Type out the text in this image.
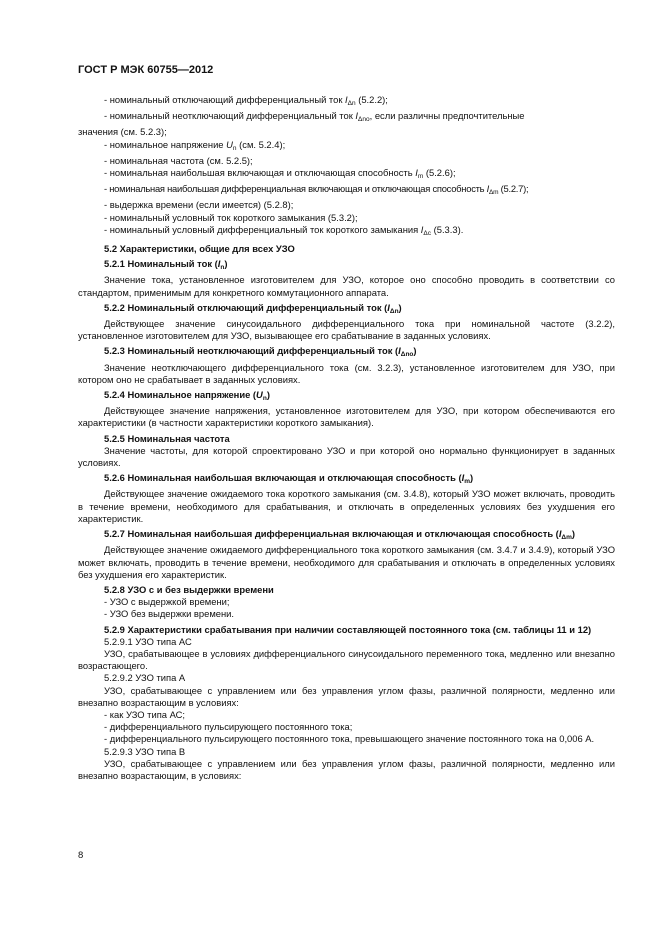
ГОСТ Р МЭК 60755—2012

- номинальный отключающий дифференциальный ток $I_{\Delta n}$ (5.2.2);

- номинальный неотключающий дифференциальный ток $I_{\Delta no}$, если различны предпочтительные

значения (см. 5.2.3);

- номинальное напряжение $U_n$ (см. 5.2.4);

- номинальная частота (см. 5.2.5);

- номинальная наибольшая включающая и отключающая способность $I_m$ (5.2.6);

- номинальная наибольшая дифференциальная включающая и отключающая способность $I_{\Delta m}$ (5.2.7);

- выдержка времени (если имеется) (5.2.8);

- номинальный условный ток короткого замыкания (5.3.2);

- номинальный условный дифференциальный ток короткого замыкания $I_{\Delta c}$ (5.3.3).

5.2 Характеристики, общие для всех УЗО

5.2.1 Номинальный ток $(I_n)$

Значение тока, установленное изготовителем для УЗО, которое оно способно проводить в соответствии со стандартом, применимым для конкретного коммутационного аппарата.

5.2.2 Номинальный отключающий дифференциальный ток $(I_{\Delta n})$

Действующее значение синусоидального дифференциального тока при номинальной частоте (3.2.2), установленное изготовителем для УЗО, вызывающее его срабатывание в заданных условиях.

5.2.3 Номинальный неотключающий дифференциальный ток $(I_{\Delta no})$

Значение неотключающего дифференциального тока (см. 3.2.3), установленное изготовителем для УЗО, при котором оно не срабатывает в заданных условиях.

5.2.4 Номинальное напряжение $(U_n)$

Действующее значение напряжения, установленное изготовителем для УЗО, при котором обеспечиваются его характеристики (в частности характеристики короткого замыкания).

5.2.5 Номинальная частота

Значение частоты, для которой спроектировано УЗО и при которой оно нормально функционирует в заданных условиях.

5.2.6 Номинальная наибольшая включающая и отключающая способность $(I_m)$

Действующее значение ожидаемого тока короткого замыкания (см. 3.4.8), который УЗО может включать, проводить в течение времени, необходимого для срабатывания, и отключать в определенных условиях без ухудшения его характеристик.

5.2.7 Номинальная наибольшая дифференциальная включающая и отключающая способность $(I_{\Delta m})$

Действующее значение ожидаемого дифференциального тока короткого замыкания (см. 3.4.7 и 3.4.9), который УЗО может включать, проводить в течение времени, необходимого для срабатывания и отключать в определенных условиях без ухудшения его характеристик.

5.2.8 УЗО с и без выдержки времени

- УЗО с выдержкой времени;

- УЗО без выдержки времени.

5.2.9 Характеристики срабатывания при наличии составляющей постоянного тока (см. таблицы 11 и 12)

5.2.9.1 УЗО типа АС

УЗО, срабатывающее в условиях дифференциального синусоидального переменного тока, медленно или внезапно возрастающего.

5.2.9.2 УЗО типа А

УЗО, срабатывающее с управлением или без управления углом фазы, различной полярности, медленно или внезапно возрастающим в условиях:

- как УЗО типа АС;

- дифференциального пульсирующего постоянного тока;

- дифференциального пульсирующего постоянного тока, превышающего значение постоянного тока на 0,006 А.

5.2.9.3 УЗО типа В

УЗО, срабатывающее с управлением или без управления углом фазы, различной полярности, медленно или внезапно возрастающим, в условиях:

8
